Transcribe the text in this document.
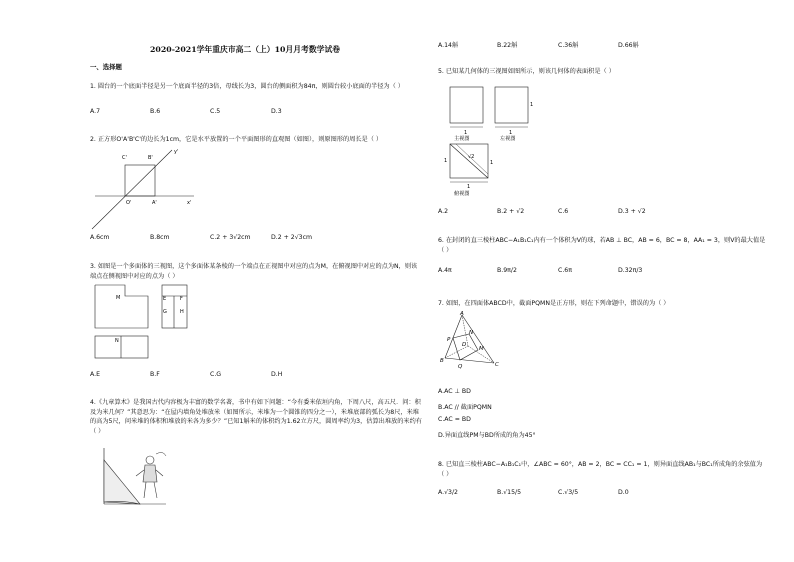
2020-2021学年重庆市高二（上）10月月考数学试卷
一、选择题
1. 圆台的一个底面半径是另一个底面半径的3倍，母线长为3，圆台的侧面积为84π，则圆台较小底面的半径为（ ）
A.7	B.6	C.5	D.3
2. 正方形O'A'B'C'的边长为1cm，它是水平放置的一个平面图形的直观图（如图），则原图形的周长是（ ）
C'	B'
y'
O'	A'	x'
A.6cm	B.8cm	C.2 + 3√2cm	D.2 + 2√3cm
3. 如图是一个多面体的三视图，这个多面体某条棱的一个端点在正视图中对应的点为M，在俯视图中对应的点为N，则该端点在侧视图中对应的点为（ ）
M
N
E	F
G	H
A.E	B.F	C.G	D.H
4.《九章算术》是我国古代内容极为丰富的数学名著，书中有如下问题：“今有委米依垣内角，下周八尺，高五尺．问：积及为米几何？”其意思为：“在屋内墙角处堆放米（如图所示，米堆为一个圆锥的四分之一），米堆底部的弧长为8尺，米堆的高为5尺，问米堆的体积和堆放的米各为多少？”已知1斛米的体积约为1.62立方尺，圆周率约为3，估算出堆放的米约有（ ）
A.14斛	B.22斛	C.36斛	D.66斛
5. 已知某几何体的三视图如图所示，则该几何体的表面积是（ ）
1
主视图
1
左视图
1
1
√2
1
1
俯视图
A.2	B.2 + √2	C.6	D.3 + √2
6. 在封闭的直三棱柱ABC−A₁B₁C₁内有一个体积为V的球，若AB ⊥ BC，AB = 6，BC = 8，AA₁ = 3，则V的最大值是（ ）
A.4π	B.9π/2	C.6π	D.32π/3
7. 如图，在四面体ABCD中，截面PQMN是正方形，则在下列命题中，错误的为（ ）
A
N
D
M
P
B
Q	C
A.AC ⊥ BD
B.AC // 截面PQMN
C.AC = BD
D.异面直线PM与BD所成的角为45°
8. 已知直三棱柱ABC−A₁B₁C₁中，∠ABC = 60°，AB = 2，BC = CC₁ = 1，则异面直线AB₁与BC₁所成角的余弦值为（ ）
A.√3/2	B.√15/5	C.√3/5	D.0
